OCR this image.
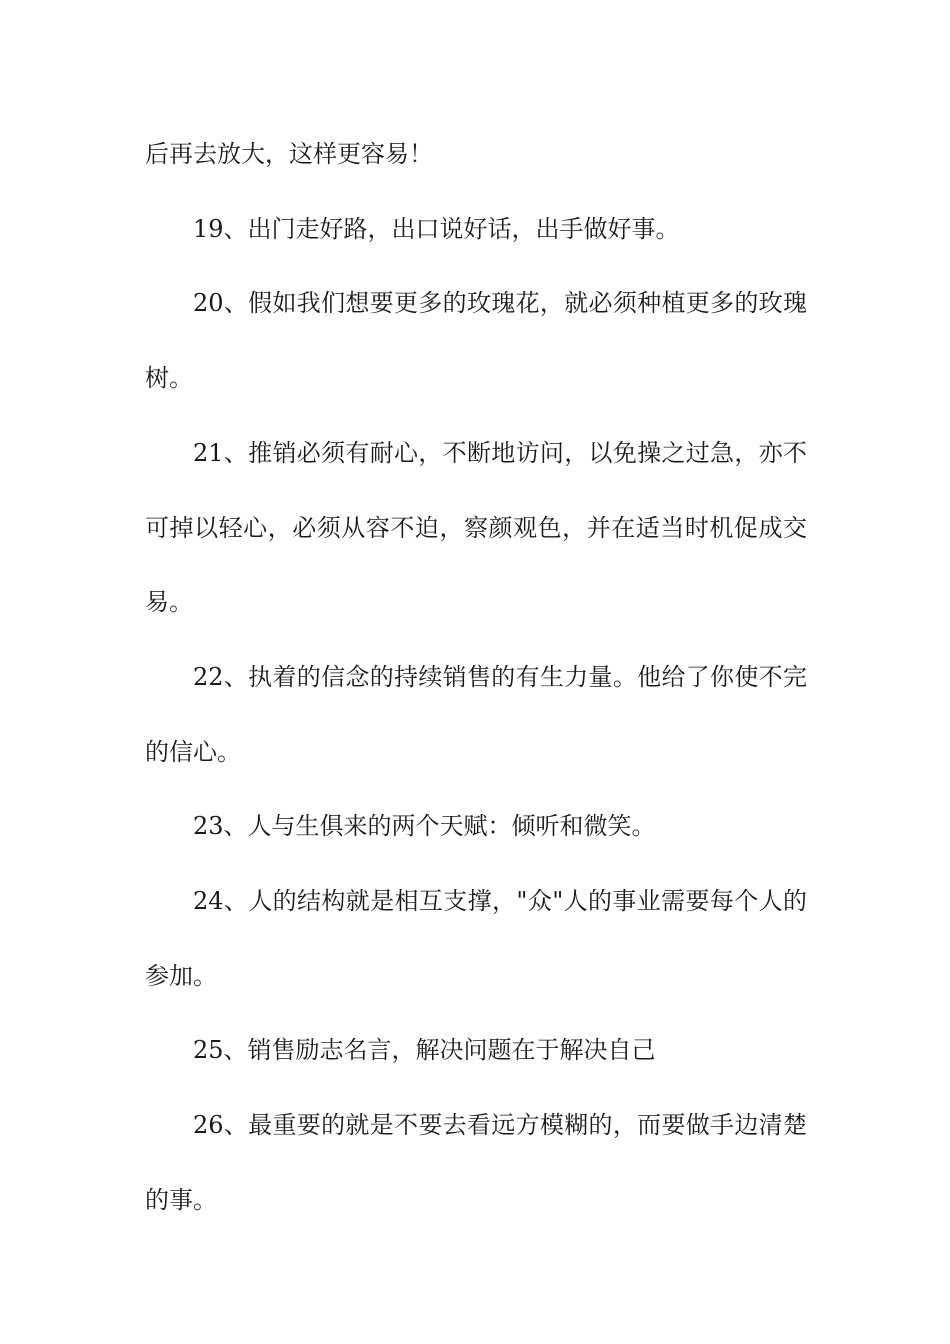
后再去放大，这样更容易！

19、出门走好路，出口说好话，出手做好事。

20、假如我们想要更多的玫瑰花，就必须种植更多的玫瑰树。

21、推销必须有耐心，不断地访问，以免操之过急，亦不可掉以轻心，必须从容不迫，察颜观色，并在适当时机促成交易。

22、执着的信念的持续销售的有生力量。他给了你使不完的信心。

23、人与生俱来的两个天赋：倾听和微笑。

24、人的结构就是相互支撑，"众"人的事业需要每个人的参加。

25、销售励志名言，解决问题在于解决自己

26、最重要的就是不要去看远方模糊的，而要做手边清楚的事。
